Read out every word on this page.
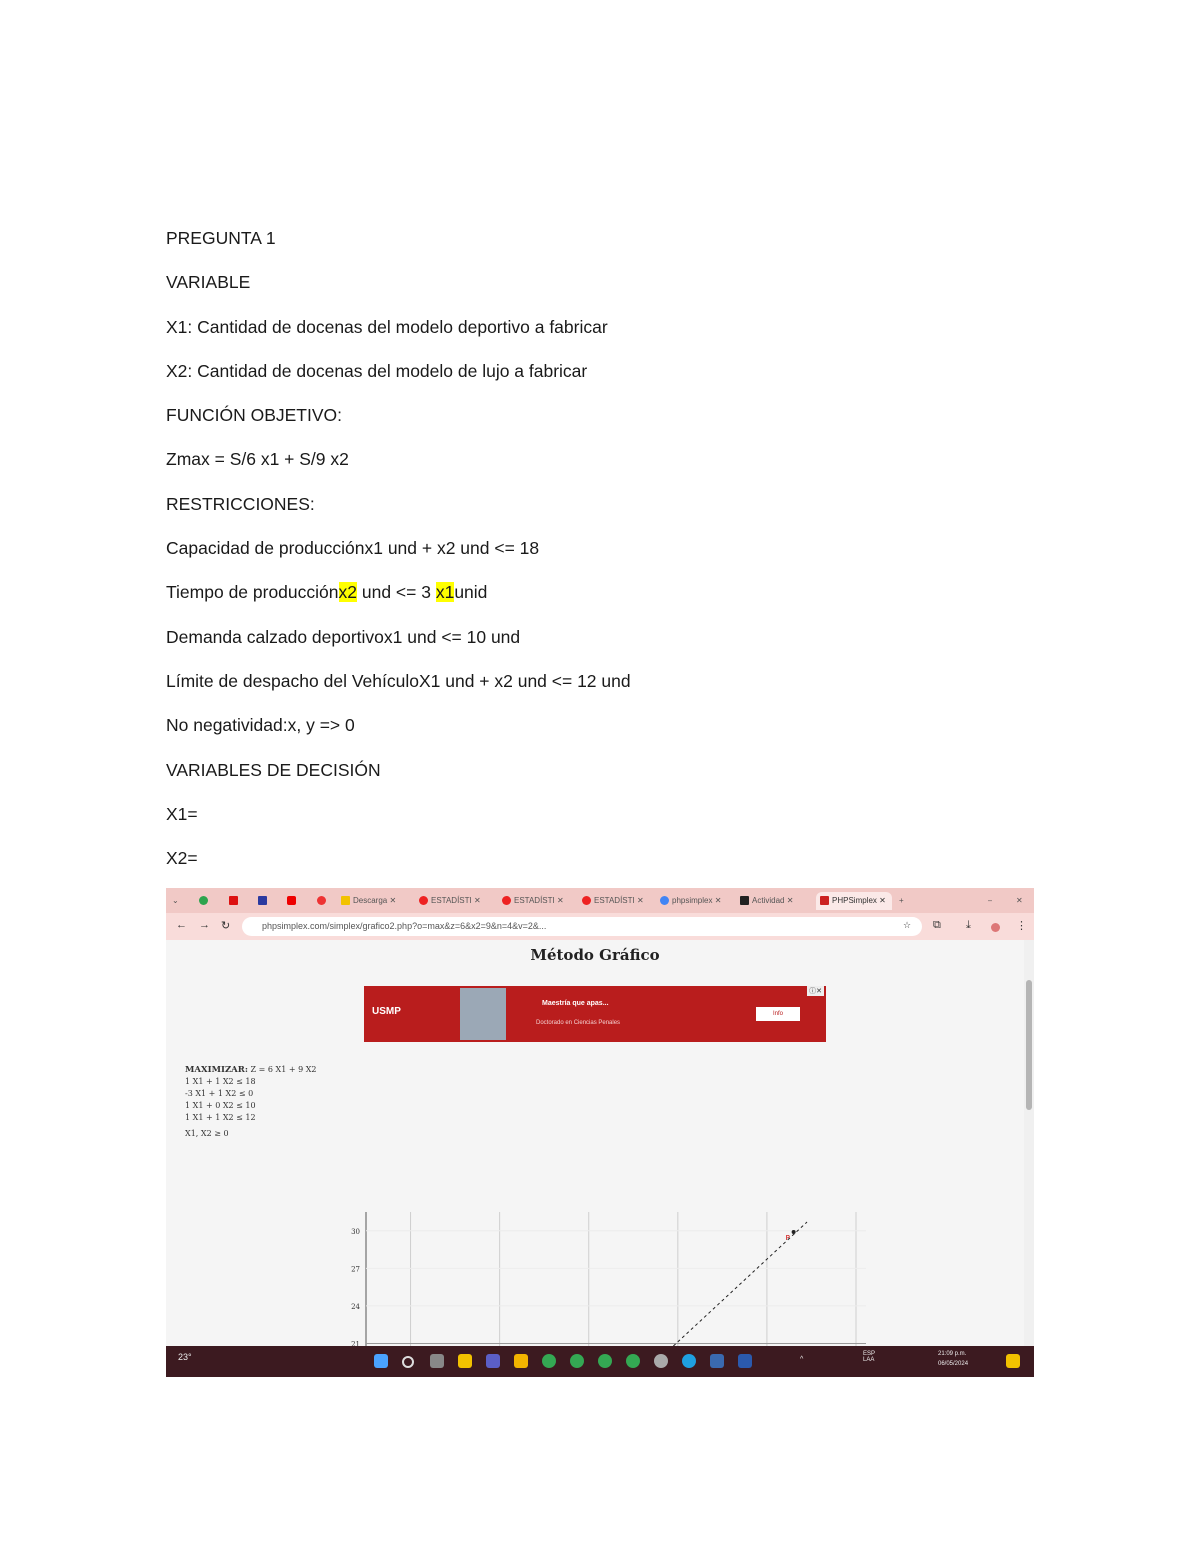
PREGUNTA 1
VARIABLE
X1: Cantidad de docenas del modelo deportivo a fabricar
X2: Cantidad de docenas del modelo de lujo a fabricar
FUNCIÓN OBJETIVO:
Zmax = S/6 x1 + S/9 x2
RESTRICCIONES:
Capacidad de producciónx1 und + x2 und <= 18
Tiempo de producciónx2 und <= 3 x1unid
Demanda calzado deportivox1 und <= 10 und
Límite de despacho del VehículoX1 und + x2 und <= 12 und
No negatividad:x, y => 0
VARIABLES DE DECISIÓN
X1=
X2=
⌄	Descarga ✕	ESTADÍSTI ✕	ESTADÍSTI ✕	ESTADÍSTI ✕	phpsimplex ✕	Actividad ✕	PHPSimplex ✕	+	–	✕
← → ↻	phpsimplex.com/simplex/grafico2.php?o=max&z=6&x2=9&n=4&v=2&...	☆ ⧉ ⤓	⋮
Método Gráfico
USMP
Maestría que apas...
Doctorado en Ciencias Penales
Info
ⓘ✕
MAXIMIZAR: Z = 6 X1 + 9 X2
1 X1 + 1 X2 ≤ 18
-3 X1 + 1 X2 ≤ 0
1 X1 + 0 X2 ≤ 10
1 X1 + 1 X2 ≤ 12
X1, X2 ≥ 0
30
27
24
21
P
23°	^
ESP
LAA
21:09 p.m.
06/05/2024
